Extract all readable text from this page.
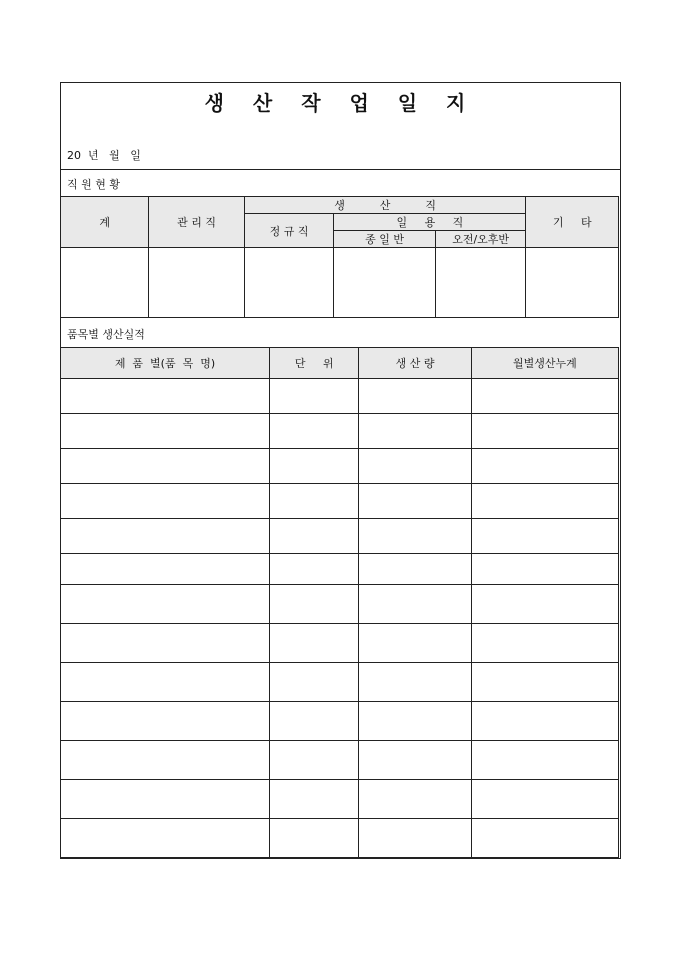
생 산 작 업 일 지
20  년   월   일
직 원 현 황
계	관 리 직	생          산          직			기     타
		정 규 직	일     용     직		
			종 일 반	오전/오후반	

품목별 생산실적
제  품  별(품  목  명)	단     위	생 산 량	월별생산누계
